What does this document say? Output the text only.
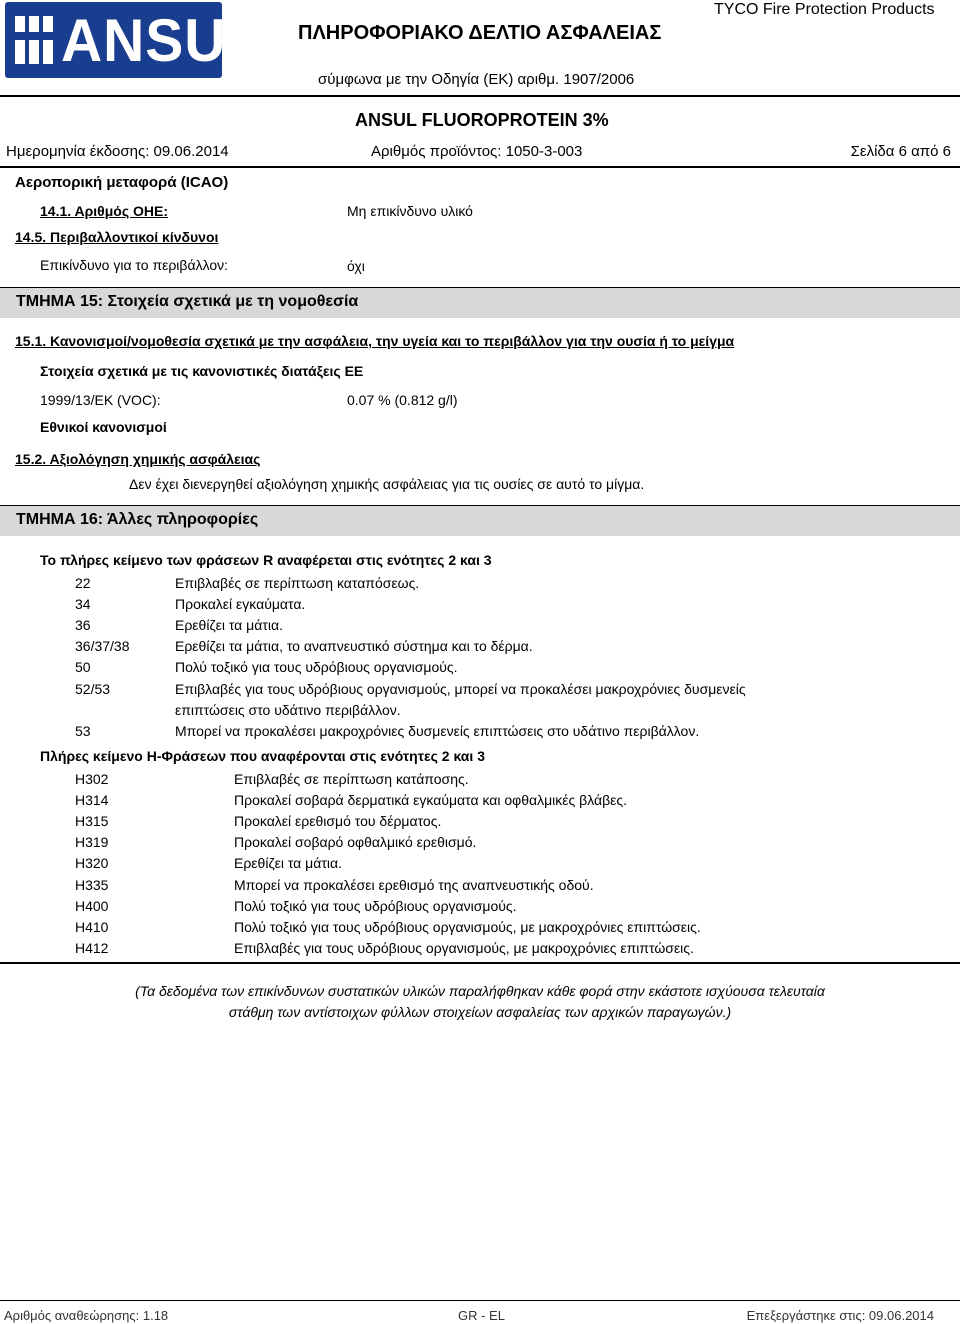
ANSUL ΠΛΗΡΟΦΟΡΙΑΚΟ ΔΕΛΤΙΟ ΑΣΦΑΛΕΙΑΣ
TYCO Fire Protection Products
σύμφωνα με την Οδηγία (ΕΚ) αριθμ. 1907/2006
ANSUL FLUOROPROTEIN 3%
Ημερομηνία έκδοσης: 09.06.2014	Αριθμός προϊόντος: 1050-3-003	Σελίδα 6 από 6
Αεροπορική μεταφορά (ICAO)
14.1. Αριθμός ΟΗΕ:	Μη επικίνδυνο υλικό
14.5. Περιβαλλοντικοί κίνδυνοι
Επικίνδυνο για το περιβάλλον:	όχι
ΤΜΗΜΑ 15: Στοιχεία σχετικά με τη νομοθεσία
15.1. Κανονισμοί/νομοθεσία σχετικά με την ασφάλεια, την υγεία και το περιβάλλον για την ουσία ή το μείγμα
Στοιχεία σχετικά με τις κανονιστικές διατάξεις ΕΕ
1999/13/ΕΚ (VOC):	0.07 % (0.812 g/l)
Εθνικοί κανονισμοί
15.2. Αξιολόγηση χημικής ασφάλειας
Δεν έχει διενεργηθεί αξιολόγηση χημικής ασφάλειας για τις ουσίες σε αυτό το μίγμα.
ΤΜΗΜΑ 16: Άλλες πληροφορίες
Το πλήρες κείμενο των φράσεων R αναφέρεται στις ενότητες 2 και 3
22	Επιβλαβές σε περίπτωση καταπόσεως.
34	Προκαλεί εγκαύματα.
36	Ερεθίζει τα μάτια.
36/37/38	Ερεθίζει τα μάτια, το αναπνευστικό σύστημα και το δέρμα.
50	Πολύ τοξικό για τους υδρόβιους οργανισμούς.
52/53	Επιβλαβές για τους υδρόβιους οργανισμούς, μπορεί να προκαλέσει μακροχρόνιες δυσμενείς
επιπτώσεις στο υδάτινο περιβάλλον.
53	Μπορεί να προκαλέσει μακροχρόνιες δυσμενείς επιπτώσεις στο υδάτινο περιβάλλον.
Πλήρες κείμενο H-Φράσεων που αναφέρονται στις ενότητες 2 και 3
H302	Επιβλαβές σε περίπτωση κατάποσης.
H314	Προκαλεί σοβαρά δερματικά εγκαύματα και οφθαλμικές βλάβες.
H315	Προκαλεί ερεθισμό του δέρματος.
H319	Προκαλεί σοβαρό οφθαλμικό ερεθισμό.
H320	Ερεθίζει τα μάτια.
H335	Μπορεί να προκαλέσει ερεθισμό της αναπνευστικής οδού.
H400	Πολύ τοξικό για τους υδρόβιους οργανισμούς.
H410	Πολύ τοξικό για τους υδρόβιους οργανισμούς, με μακροχρόνιες επιπτώσεις.
H412	Επιβλαβές για τους υδρόβιους οργανισμούς, με μακροχρόνιες επιπτώσεις.
(Τα δεδομένα των επικίνδυνων συστατικών υλικών παραλήφθηκαν κάθε φορά στην εκάστοτε ισχύουσα τελευταία
στάθμη των αντίστοιχων φύλλων στοιχείων ασφαλείας των αρχικών παραγωγών.)
Αριθμός αναθεώρησης: 1.18	GR - EL	Επεξεργάστηκε στις: 09.06.2014
